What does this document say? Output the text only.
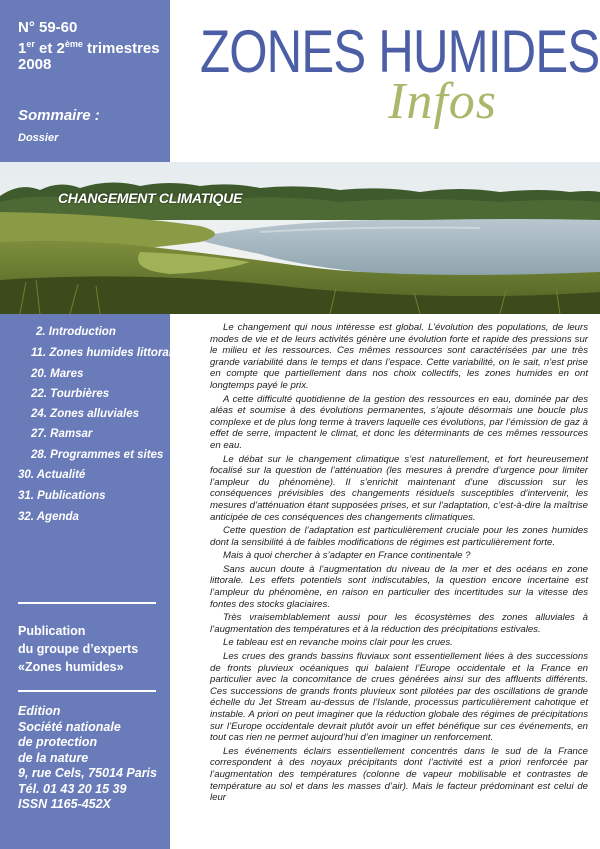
N° 59-60
1er et 2ème trimestres
2008
Sommaire :
Dossier
ZONES HUMIDES
Infos
CHANGEMENT CLIMATIQUE
2. Introduction
11. Zones humides littorales
20. Mares
22. Tourbières
24. Zones alluviales
27. Ramsar
28. Programmes et sites
30. Actualité
31. Publications
32. Agenda
Publication
du groupe d’experts
«Zones humides»
Edition
Société nationale
de protection
de la nature
9, rue Cels, 75014 Paris
Tél. 01 43 20 15 39
ISSN 1165-452X

Le changement qui nous intéresse est global. L’évolution des populations, de leurs modes de vie et de leurs activités génère une évolution forte et rapide des pressions sur le milieu et les ressources. Ces mêmes ressources sont caractérisées par une très grande variabilité dans le temps et dans l’espace. Cette variabilité, on le sait, n’est prise en compte que partiellement dans nos choix collectifs, les zones humides en ont longtemps payé le prix.

A cette difficulté quotidienne de la gestion des ressources en eau, dominée par des aléas et soumise à des évolutions permanentes, s’ajoute désormais une boucle plus complexe et de plus long terme à travers laquelle ces évolutions, par l’émission de gaz à effet de serre, impactent le climat, et donc les déterminants de ces mêmes ressources en eau.

Le débat sur le changement climatique s’est naturellement, et fort heureusement focalisé sur la question de l’atténuation (les mesures à prendre d’urgence pour limiter l’ampleur du phénomène). Il s’enrichit maintenant d’une discussion sur les conséquences prévisibles des changements résiduels susceptibles d’intervenir, les mesures d’atténuation étant supposées prises, et sur l’adaptation, c’est-à-dire la maîtrise anticipée de ces conséquences des changements climatiques.

Cette question de l’adaptation est particulièrement cruciale pour les zones humides dont la sensibilité à de faibles modifications de régimes est particulièrement forte.

Mais à quoi chercher à s’adapter en France continentale ?

Sans aucun doute à l’augmentation du niveau de la mer et des océans en zone littorale. Les effets potentiels sont indiscutables, la question encore incertaine est l’ampleur du phénomène, en raison en particulier des incertitudes sur la vitesse des fontes des stocks glaciaires.

Très vraisemblablement aussi pour les écosystèmes des zones alluviales à l’augmentation des températures et à la réduction des précipitations estivales.

Le tableau est en revanche moins clair pour les crues.

Les crues des grands bassins fluviaux sont essentiellement liées à des successions de fronts pluvieux océaniques qui balaient l’Europe occidentale et la France en particulier avec la concomitance de crues générées ainsi sur des affluents différents. Ces successions de grands fronts pluvieux sont pilotées par des oscillations de grande échelle du Jet Stream au-dessus de l’Islande, processus particulièrement cahotique et instable. A priori on peut imaginer que la réduction globale des régimes de précipitations sur l’Europe occidentale devrait plutôt avoir un effet bénéfique sur ces événements, en tout cas rien ne permet aujourd’hui d’en imaginer un renforcement.

Les événements éclairs essentiellement concentrés dans le sud de la France correspondent à des noyaux précipitants dont l’activité est a priori renforcée par l’augmentation des températures (colonne de vapeur mobilisable et contrastes de température au sol et dans les masses d’air). Mais le facteur prédominant est celui de leur
